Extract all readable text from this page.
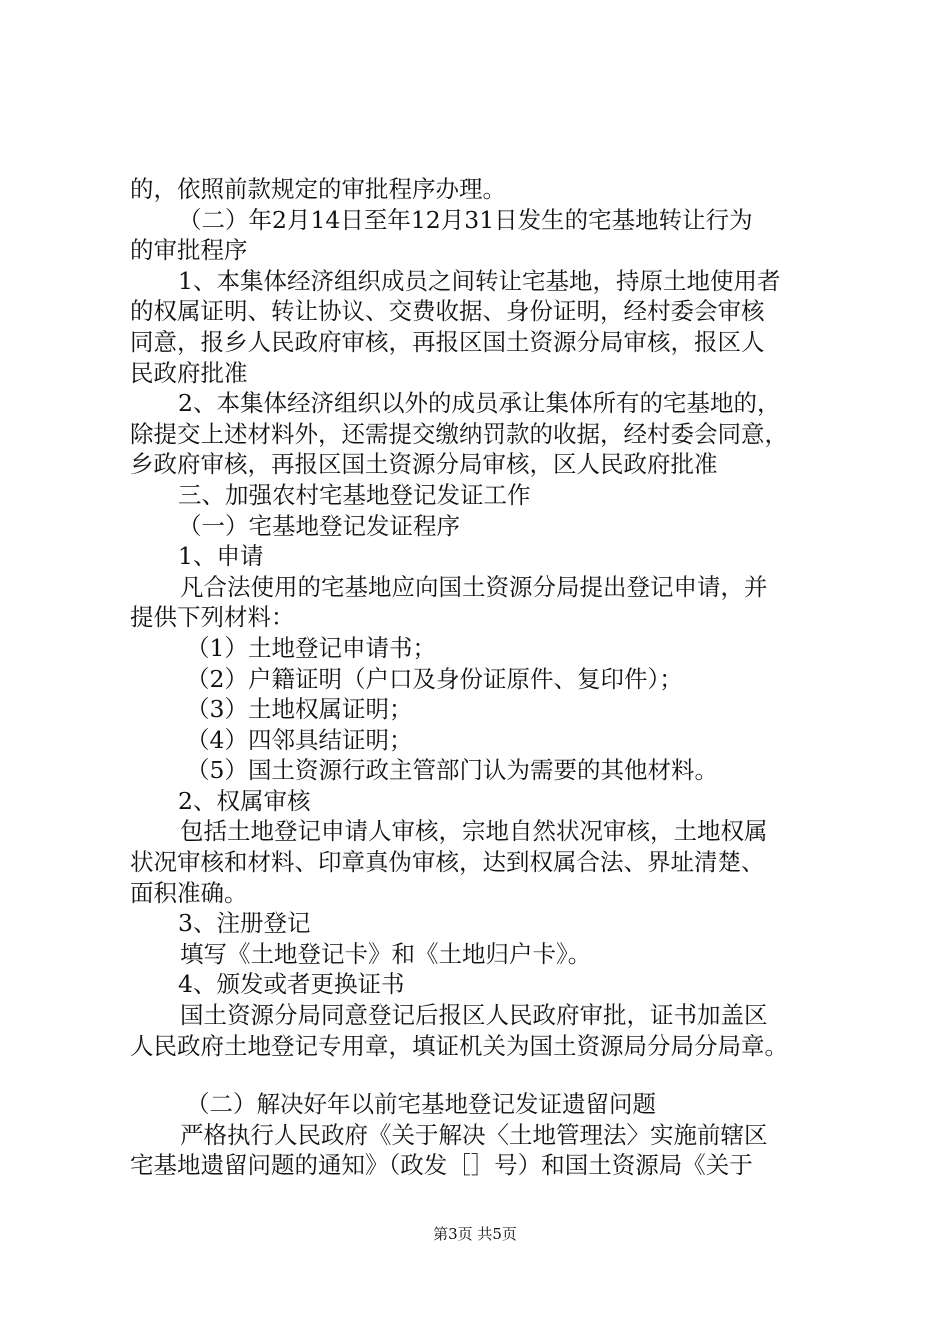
的，依照前款规定的审批程序办理。
（二）年2月14日至年12月31日发生的宅基地转让行为
的审批程序
1、本集体经济组织成员之间转让宅基地，持原土地使用者
的权属证明、转让协议、交费收据、身份证明，经村委会审核
同意，报乡人民政府审核，再报区国土资源分局审核，报区人
民政府批准
2、本集体经济组织以外的成员承让集体所有的宅基地的，
除提交上述材料外，还需提交缴纳罚款的收据，经村委会同意，
乡政府审核，再报区国土资源分局审核，区人民政府批准
三、加强农村宅基地登记发证工作
（一）宅基地登记发证程序
1、申请
凡合法使用的宅基地应向国土资源分局提出登记申请，并
提供下列材料：
（1）土地登记申请书；
（2）户籍证明（户口及身份证原件、复印件）；
（3）土地权属证明；
（4）四邻具结证明；
（5）国土资源行政主管部门认为需要的其他材料。
2、权属审核
包括土地登记申请人审核，宗地自然状况审核，土地权属
状况审核和材料、印章真伪审核，达到权属合法、界址清楚、
面积准确。
3、注册登记
填写《土地登记卡》和《土地归户卡》。
4、颁发或者更换证书
国土资源分局同意登记后报区人民政府审批，证书加盖区
人民政府土地登记专用章，填证机关为国土资源局分局分局章。
（二）解决好年以前宅基地登记发证遗留问题
严格执行人民政府《关于解决〈土地管理法〉实施前辖区
宅基地遗留问题的通知》（政发［］号）和国土资源局《关于
第3页 共5页
